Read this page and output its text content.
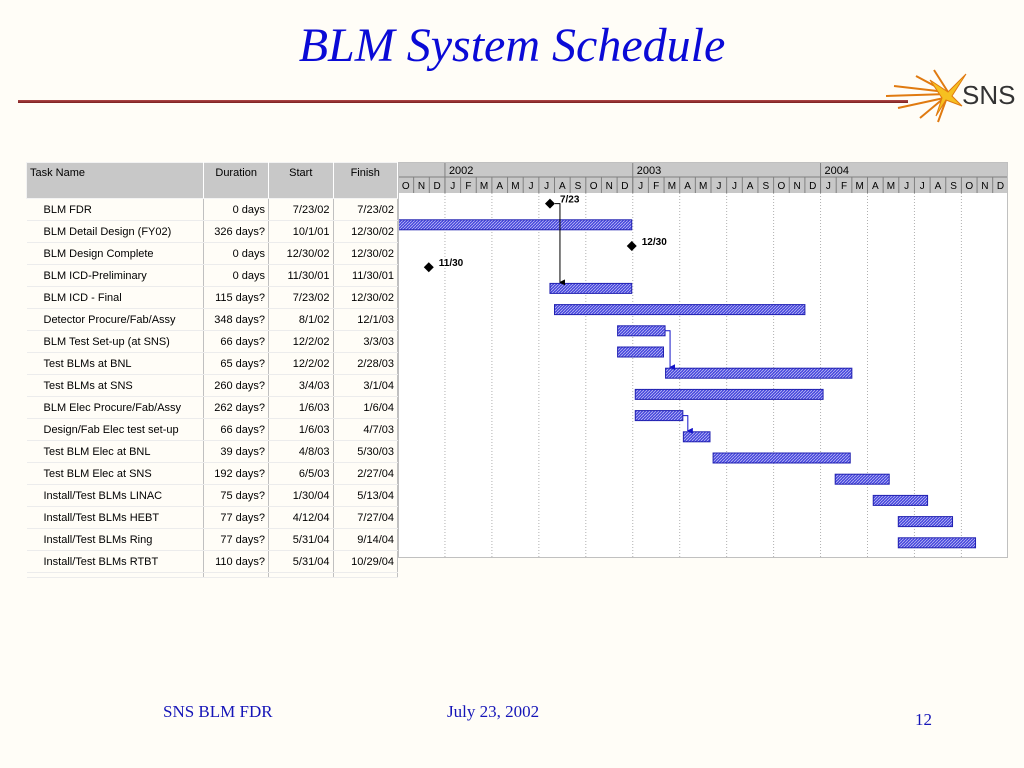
BLM System Schedule
SNS
Task Name	Duration	Start	Finish
BLM FDR	0 days	7/23/02	7/23/02
BLM Detail Design (FY02)	326 days?	10/1/01	12/30/02
BLM Design Complete	0 days	12/30/02	12/30/02
BLM ICD-Preliminary	0 days	11/30/01	11/30/01
BLM ICD - Final	115 days?	7/23/02	12/30/02
Detector Procure/Fab/Assy	348 days?	8/1/02	12/1/03
BLM Test Set-up (at SNS)	66 days?	12/2/02	3/3/03
Test BLMs at BNL	65 days?	12/2/02	2/28/03
Test BLMs at SNS	260 days?	3/4/03	3/1/04
BLM Elec Procure/Fab/Assy	262 days?	1/6/03	1/6/04
Design/Fab Elec test set-up	66 days?	1/6/03	4/7/03
Test BLM Elec at BNL	39 days?	4/8/03	5/30/03
Test BLM Elec at SNS	192 days?	6/5/03	2/27/04
Install/Test BLMs LINAC	75 days?	1/30/04	5/13/04
Install/Test BLMs HEBT	77 days?	4/12/04	7/27/04
Install/Test BLMs Ring	77 days?	5/31/04	9/14/04
Install/Test BLMs RTBT	110 days?	5/31/04	10/29/04

2002	2003	2004
O N D J F M A M J J A S O N D J F M A M J J A S O N D J F M A M J J A S O N D
7/23
12/30
11/30
SNS BLM FDR	July 23, 2002	12
